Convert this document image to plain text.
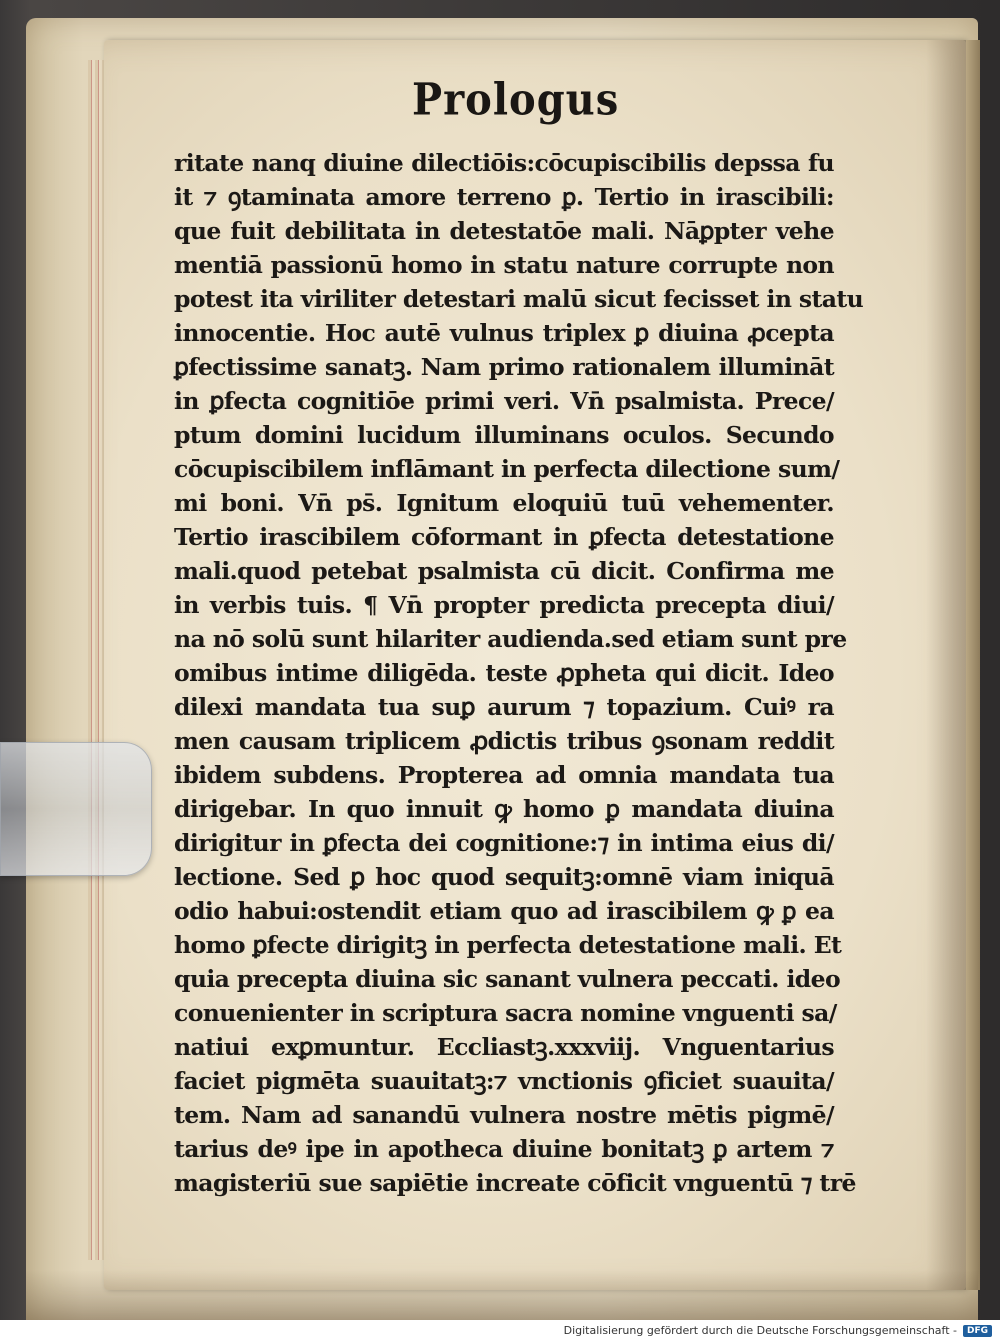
Prologus
ritate nanq diuine dilectiōis:cōcupiscibilis depssa fu
it ⁊ ꝯtaminata amore terreno ꝑ. Tertio in irascibili:
que fuit debilitata in detestatōe mali. Nāꝑpter vehe
mentiā passionū homo in statu nature corrupte non
potest ita viriliter detestari malū sicut fecisset in statu
innocentie. Hoc autē vulnus triplex ꝑ diuina ꝓcepta
ꝑfectissime sanatꝫ. Nam primo rationalem illumināt
in ꝑfecta cognitiōe primi veri. Vn̄ psalmista. Prece/
ptum domini lucidum illuminans oculos. Secundo
cōcupiscibilem inflāmant in perfecta dilectione sum/
mi boni. Vn̄ ps̄. Ignitum eloquiū tuū vehementer.
Tertio irascibilem cōformant in ꝑfecta detestatione
mali.quod petebat psalmista cū dicit. Confirma me
in verbis tuis. ¶ Vn̄ propter predicta precepta diui/
na nō solū sunt hilariter audienda.sed etiam sunt pre
omibus intime diligēda. teste ꝓpheta qui dicit. Ideo
dilexi mandata tua suꝑ aurum ⁊ topazium. Cuiꝰ ra
men causam triplicem ꝓdictis tribus ꝯsonam reddit
ibidem subdens. Propterea ad omnia mandata tua
dirigebar. In quo innuit ꝙ homo ꝑ mandata diuina
dirigitur in ꝑfecta dei cognitione:⁊ in intima eius di/
lectione. Sed ꝑ hoc quod sequitꝫ:omnē viam iniquā
odio habui:ostendit etiam quo ad irascibilem ꝙ ꝑ ea
homo ꝑfecte dirigitꝫ in perfecta detestatione mali. Et
quia precepta diuina sic sanant vulnera peccati. ideo
conuenienter in scriptura sacra nomine vnguenti sa/
natiui exꝑmuntur. Ecclia​stꝫ.xxxviij. Vnguentarius
faciet pigmēta suauitatꝫ:⁊ vnctionis ꝯficiet suauita/
tem. Nam ad sanandū vulnera nostre mētis pigmē/
tarius deꝰ ipe in apotheca diuine bonitatꝫ ꝑ artem ⁊
magisteriū sue sapiētie increate cōficit vnguentū ⁊ trē
Digitalisierung gefördert durch die Deutsche Forschungsgemeinschaft -	DFG
